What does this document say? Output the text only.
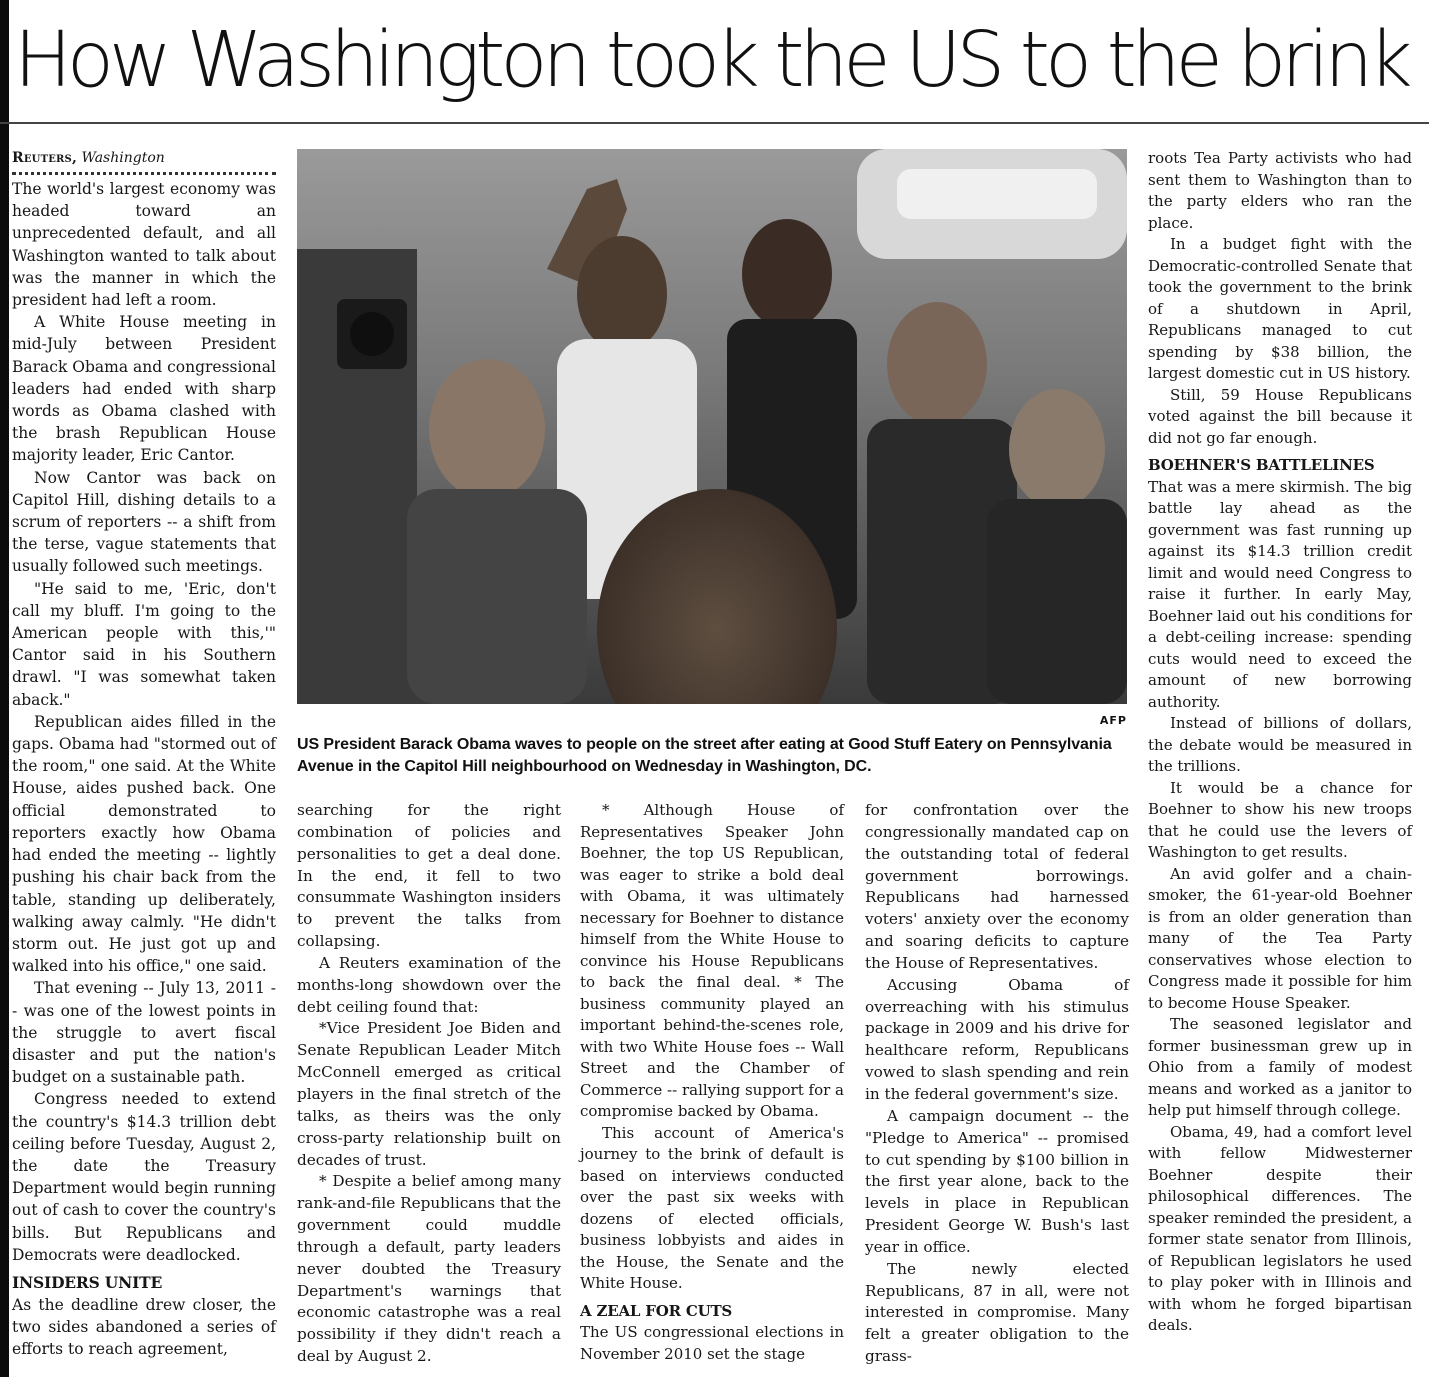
How Washington took the US to the brink
Reuters, Washington

The world's largest economy was headed toward an unprecedented default, and all Washington wanted to talk about was the manner in which the president had left a room.

A White House meeting in mid-July between President Barack Obama and congressional leaders had ended with sharp words as Obama clashed with the brash Republican House majority leader, Eric Cantor.

Now Cantor was back on Capitol Hill, dishing details to a scrum of reporters -- a shift from the terse, vague statements that usually followed such meetings.

"He said to me, 'Eric, don't call my bluff. I'm going to the American people with this,'" Cantor said in his Southern drawl. "I was somewhat taken aback."

Republican aides filled in the gaps. Obama had "stormed out of the room," one said. At the White House, aides pushed back. One official demonstrated to reporters exactly how Obama had ended the meeting -- lightly pushing his chair back from the table, standing up deliberately, walking away calmly. "He didn't storm out. He just got up and walked into his office," one said.

That evening -- July 13, 2011 -- was one of the lowest points in the struggle to avert fiscal disaster and put the nation's budget on a sustainable path.

Congress needed to extend the country's $14.3 trillion debt ceiling before Tuesday, August 2, the date the Treasury Department would begin running out of cash to cover the country's bills. But Republicans and Democrats were deadlocked.

INSIDERS UNITE

As the deadline drew closer, the two sides abandoned a series of efforts to reach agreement,

AFP
US President Barack Obama waves to people on the street after eating at Good Stuff Eatery on Pennsylvania Avenue in the Capitol Hill neighbourhood on Wednesday in Washington, DC.

searching for the right combination of policies and personalities to get a deal done. In the end, it fell to two consummate Washington insiders to prevent the talks from collapsing.

A Reuters examination of the months-long showdown over the debt ceiling found that:

*Vice President Joe Biden and Senate Republican Leader Mitch McConnell emerged as critical players in the final stretch of the talks, as theirs was the only cross-party relationship built on decades of trust.

* Despite a belief among many rank-and-file Republicans that the government could muddle through a default, party leaders never doubted the Treasury Department's warnings that economic catastrophe was a real possibility if they didn't reach a deal by August 2.

* Although House of Representatives Speaker John Boehner, the top US Republican, was eager to strike a bold deal with Obama, it was ultimately necessary for Boehner to distance himself from the White House to convince his House Republicans to back the final deal. * The business community played an important behind-the-scenes role, with two White House foes -- Wall Street and the Chamber of Commerce -- rallying support for a compromise backed by Obama.

This account of America's journey to the brink of default is based on interviews conducted over the past six weeks with dozens of elected officials, business lobbyists and aides in the House, the Senate and the White House.

A ZEAL FOR CUTS

The US congressional elections in November 2010 set the stage

for confrontation over the congressionally mandated cap on the outstanding total of federal government borrowings. Republicans had harnessed voters' anxiety over the economy and soaring deficits to capture the House of Representatives.

Accusing Obama of overreaching with his stimulus package in 2009 and his drive for healthcare reform, Republicans vowed to slash spending and rein in the federal government's size.

A campaign document -- the "Pledge to America" -- promised to cut spending by $100 billion in the first year alone, back to the levels in place in Republican President George W. Bush's last year in office.

The newly elected Republicans, 87 in all, were not interested in compromise. Many felt a greater obligation to the grass-

roots Tea Party activists who had sent them to Washington than to the party elders who ran the place.

In a budget fight with the Democratic-controlled Senate that took the government to the brink of a shutdown in April, Republicans managed to cut spending by $38 billion, the largest domestic cut in US history.

Still, 59 House Republicans voted against the bill because it did not go far enough.

BOEHNER'S BATTLELINES

That was a mere skirmish. The big battle lay ahead as the government was fast running up against its $14.3 trillion credit limit and would need Congress to raise it further. In early May, Boehner laid out his conditions for a debt-ceiling increase: spending cuts would need to exceed the amount of new borrowing authority.

Instead of billions of dollars, the debate would be measured in the trillions.

It would be a chance for Boehner to show his new troops that he could use the levers of Washington to get results.

An avid golfer and a chain-smoker, the 61-year-old Boehner is from an older generation than many of the Tea Party conservatives whose election to Congress made it possible for him to become House Speaker.

The seasoned legislator and former businessman grew up in Ohio from a family of modest means and worked as a janitor to help put himself through college.

Obama, 49, had a comfort level with fellow Midwesterner Boehner despite their philosophical differences. The speaker reminded the president, a former state senator from Illinois, of Republican legislators he used to play poker with in Illinois and with whom he forged bipartisan deals.
